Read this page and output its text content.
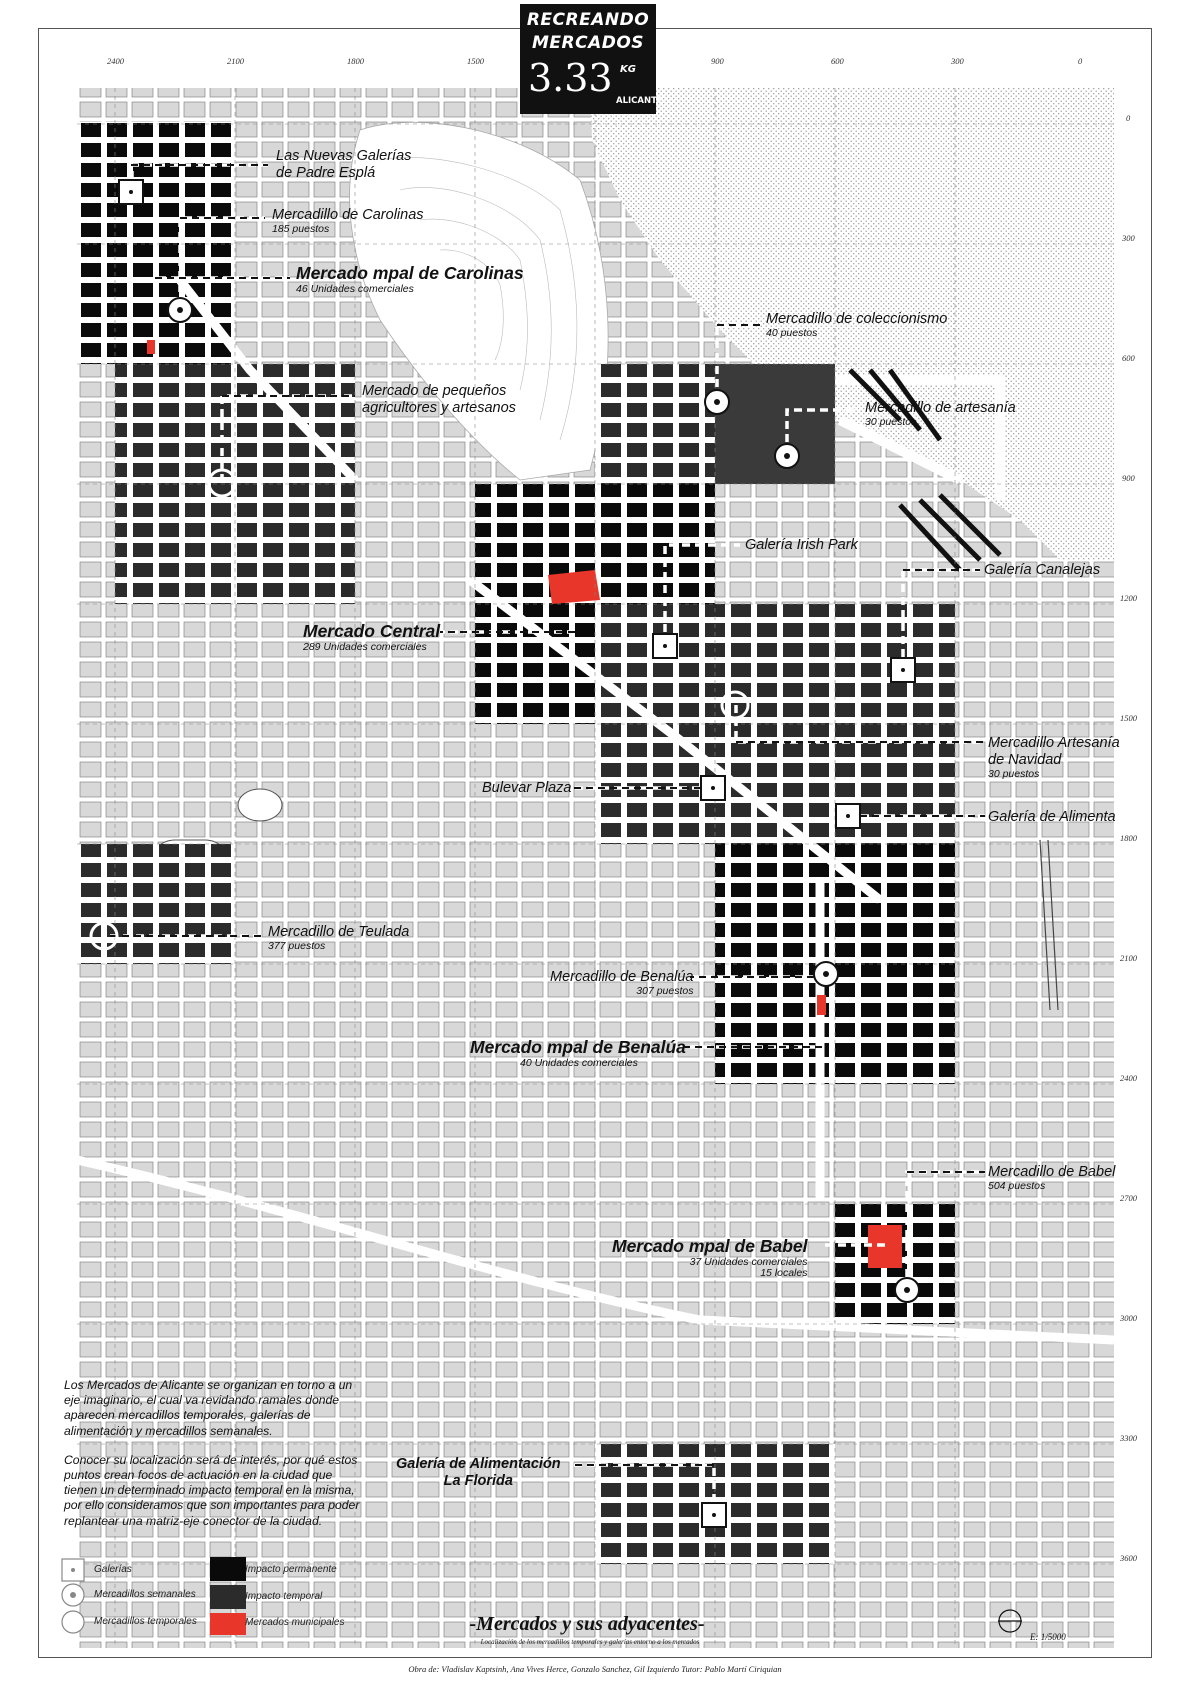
RECREANDO
MERCADOS
3.33 KG
ALICANTE
2400	2100	1800	1500	900	600	300	0
0
300
600
900
1200
1500
1800
2100
2400
2700
3000
3300
3600
Las Nuevas Galerías
de Padre Esplá
Mercadillo de Carolinas
185 puestos
Mercado mpal de Carolinas
46 Unidades comerciales
Mercado de pequeños
agricultores y artesanos
Mercadillo de coleccionismo
40 puestos
Mercadillo de artesanía
30 puestos
Galería Irish Park
Galería Canalejas
Mercado Central
289 Unidades comerciales
Mercadillo Artesanía
de Navidad
30 puestos
Bulevar Plaza
Galería de Alimenta
Mercadillo de Teulada
377 puestos
Mercadillo de Benalúa
307 puestos
Mercado mpal de Benalúa
40 Unidades comerciales
Mercadillo de Babel
504 puestos
Mercado mpal de Babel
37 Unidades comerciales
15 locales
Galería de Alimentación
La Florida

Los Mercados de Alicante se organizan en torno a un eje imaginario, el cual va revidando ramales donde aparecen mercadillos temporales, galerías de alimentación y mercadillos semanales.

Conocer su localización será de interés, por qué estos puntos crean focos de actuación en la ciudad que tienen un determinado impacto temporal en la misma, por ello consideramos que son importantes para poder replantear una matriz-eje conector de la ciudad.

Galerías
Mercadillos semanales
Mercadillos temporales
Impacto permanente
Impacto temporal
Mercados municipales	-Mercados y sus adyacentes-
Localización de los mercadillos temporales y galerías entorno a los mercados	E: 1/5000
Obra de: Vladislav Kaptsinh, Ana Vives Herce, Gonzalo Sanchez, Gil Izquierdo Tutor: Pablo Martí Ciriquian
